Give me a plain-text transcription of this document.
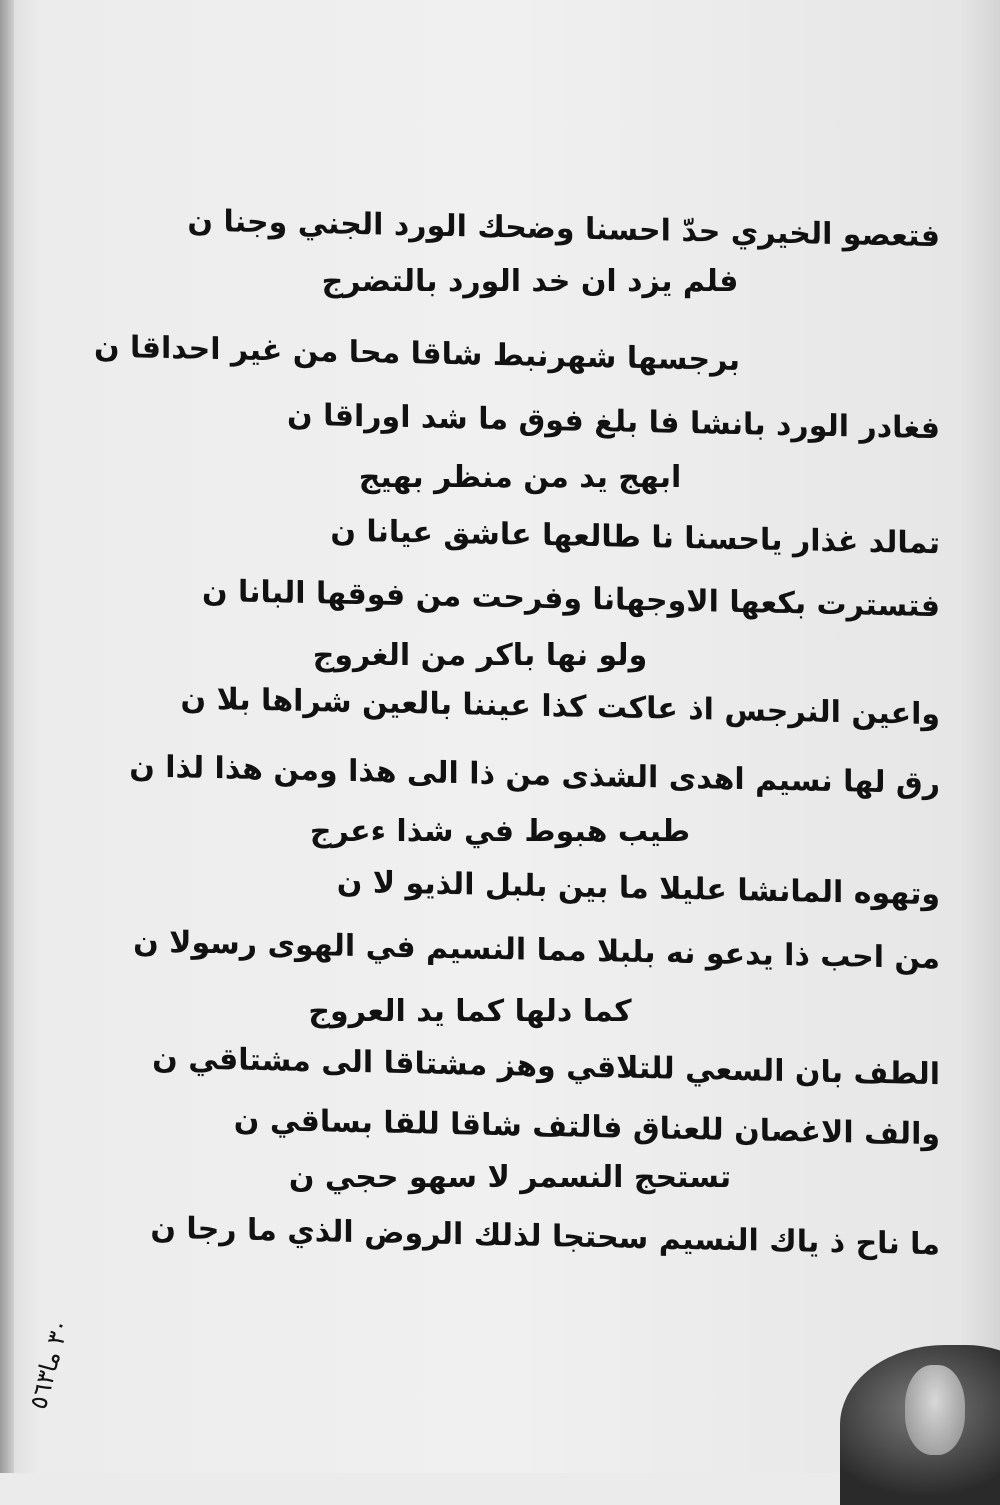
فتعصو الخيري حدّ احسنا وضحك الورد الجني وجنا ن
فلم يزد ان خد الورد بالتضرج
برجسها شهرنبط شاقا محا من غير احداقا ن
فغادر الورد بانشا فا بلغ فوق ما شد اوراقا ن
ابهج يد من منظر بهيج
تمالد غذار ياحسنا نا طالعها عاشق عيانا ن
فتسترت بكعها الاوجهانا وفرحت من فوقها البانا ن
ولو نها باكر من الغروج
واعين النرجس اذ عاكت كذا عيننا بالعين شراها بلا ن
رق لها نسيم اهدى الشذى من ذا الى هذا ومن هذا لذا ن
طيب هبوط في شذا ءعرج
وتهوه المانشا عليلا ما بين بلبل الذيو لا ن
من احب ذا يدعو نه بلبلا مما النسيم في الهوى رسولا ن
كما دلها كما يد العروج
الطف بان السعي للتلاقي وهز مشتاقا الى مشتاقي ن
والف الاغصان للعناق فالتف شاقا للقا بساقي ن
تستحج النسمر لا سهو حجي ن
ما ناح ذ ياك النسيم سحتجا لذلك الروض الذي ما رجا ن
٣٠ ما٥٦٣
